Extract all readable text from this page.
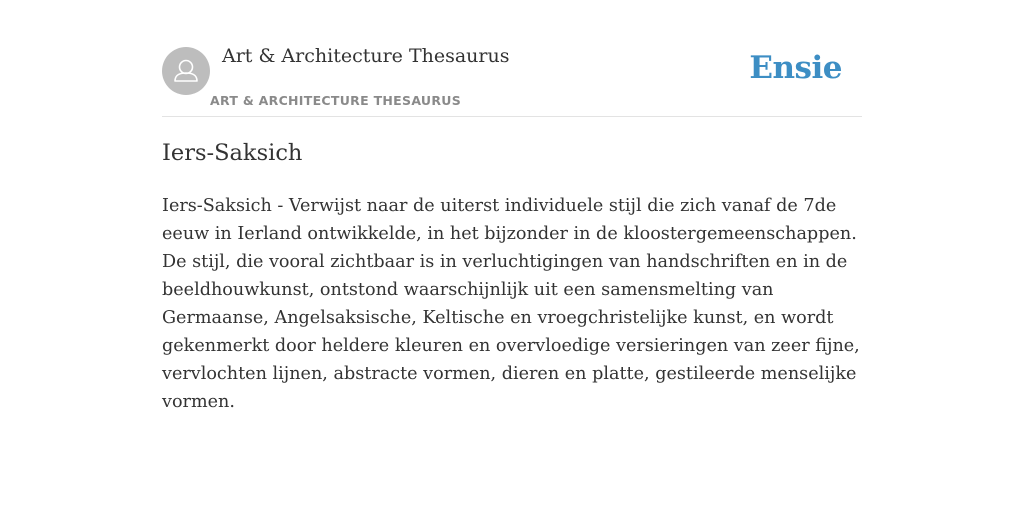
Art & Architecture Thesaurus
ART & ARCHITECTURE THESAURUS
Ensie
Iers-Saksich

Iers-Saksich - Verwijst naar de uiterst individuele stijl die zich vanaf de 7de eeuw in Ierland ontwikkelde, in het bijzonder in de kloostergemeenschappen. De stijl, die vooral zichtbaar is in verluchtigingen van handschriften en in de beeldhouwkunst, ontstond waarschijnlijk uit een samensmelting van Germaanse, Angelsaksische, Keltische en vroegchristelijke kunst, en wordt gekenmerkt door heldere kleuren en overvloedige versieringen van zeer fijne, vervlochten lijnen, abstracte vormen, dieren en platte, gestileerde menselijke vormen.
